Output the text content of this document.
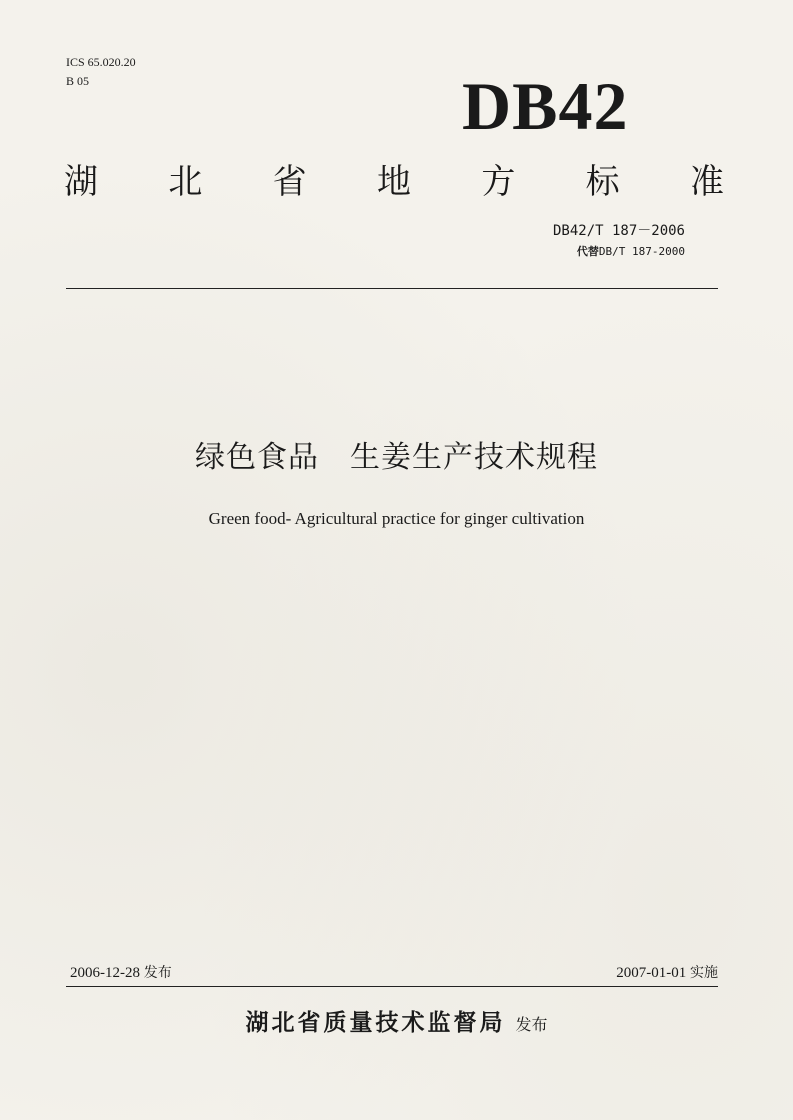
ICS 65.020.20
B 05	DB42
湖 北 省 地 方 标 准
DB42/T 187－2006
代替DB/T 187-2000
绿色食品　生姜生产技术规程
Green food- Agricultural practice for ginger cultivation
2006-12-28 发布	2007-01-01 实施
湖北省质量技术监督局 发布
